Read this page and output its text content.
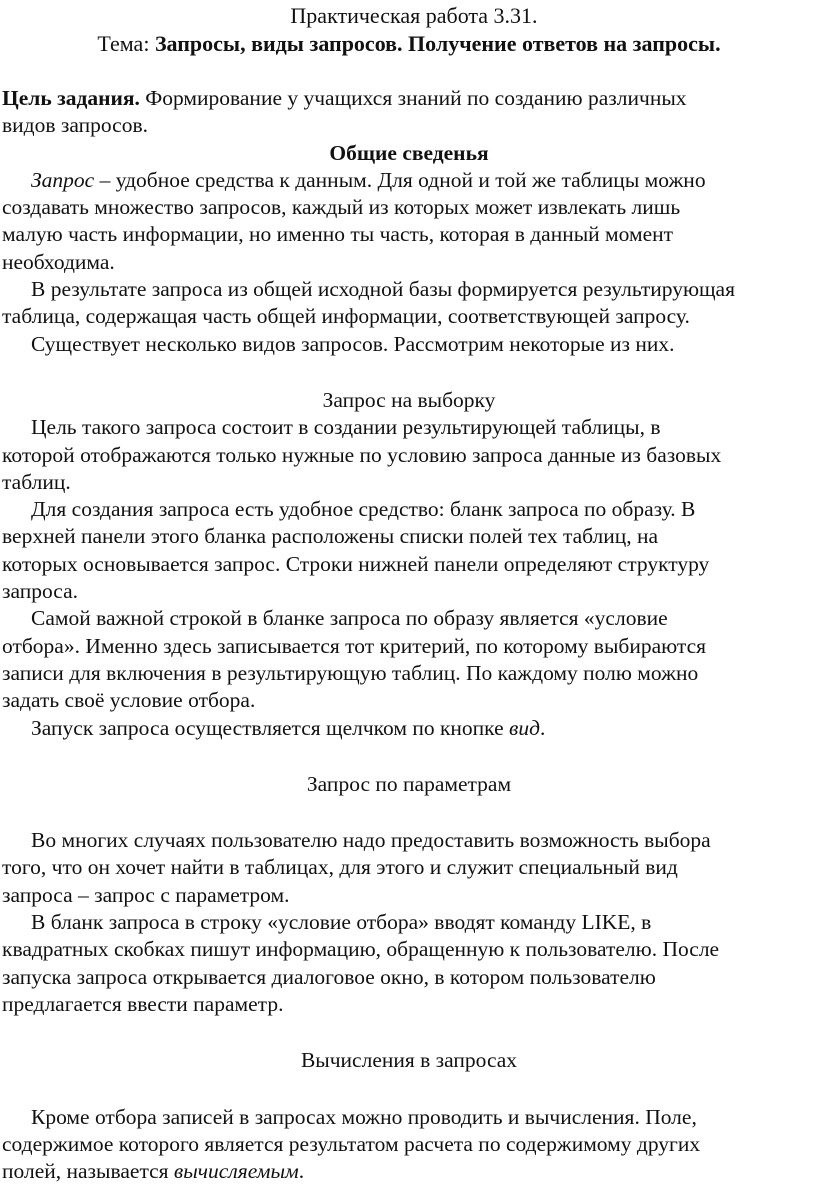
Практическая работа 3.31.
Тема: Запросы, виды запросов. Получение ответов на запросы.
Цель задания. Формирование у учащихся знаний по созданию различных
видов запросов.
Общие сведенья
Запрос – удобное средства к данным. Для одной и той же таблицы можно
создавать множество запросов, каждый из которых может извлекать лишь
малую часть информации, но именно ты часть, которая в данный момент
необходима.
В результате запроса из общей исходной базы формируется результирующая
таблица, содержащая часть общей информации, соответствующей запросу.
Существует несколько видов запросов. Рассмотрим некоторые из них.
Запрос на выборку
Цель такого запроса состоит в создании результирующей таблицы, в
которой отображаются только нужные по условию запроса данные из базовых
таблиц.
Для создания запроса есть удобное средство: бланк запроса по образу. В
верхней панели этого бланка расположены списки полей тех таблиц, на
которых основывается запрос. Строки нижней панели определяют структуру
запроса.
Самой важной строкой в бланке запроса по образу является «условие
отбора». Именно здесь записывается тот критерий, по которому выбираются
записи для включения в результирующую таблиц. По каждому полю можно
задать своё условие отбора.
Запуск запроса осуществляется щелчком по кнопке вид.
Запрос по параметрам
Во многих случаях пользователю надо предоставить возможность выбора
того, что он хочет найти в таблицах, для этого и служит специальный вид
запроса – запрос с параметром.
В бланк запроса в строку «условие отбора» вводят команду LIKE, в
квадратных скобках пишут информацию, обращенную к пользователю. После
запуска запроса открывается диалоговое окно, в котором пользователю
предлагается ввести параметр.
Вычисления в запросах
Кроме отбора записей в запросах можно проводить и вычисления. Поле,
содержимое которого является результатом расчета по содержимому других
полей, называется вычисляемым.
